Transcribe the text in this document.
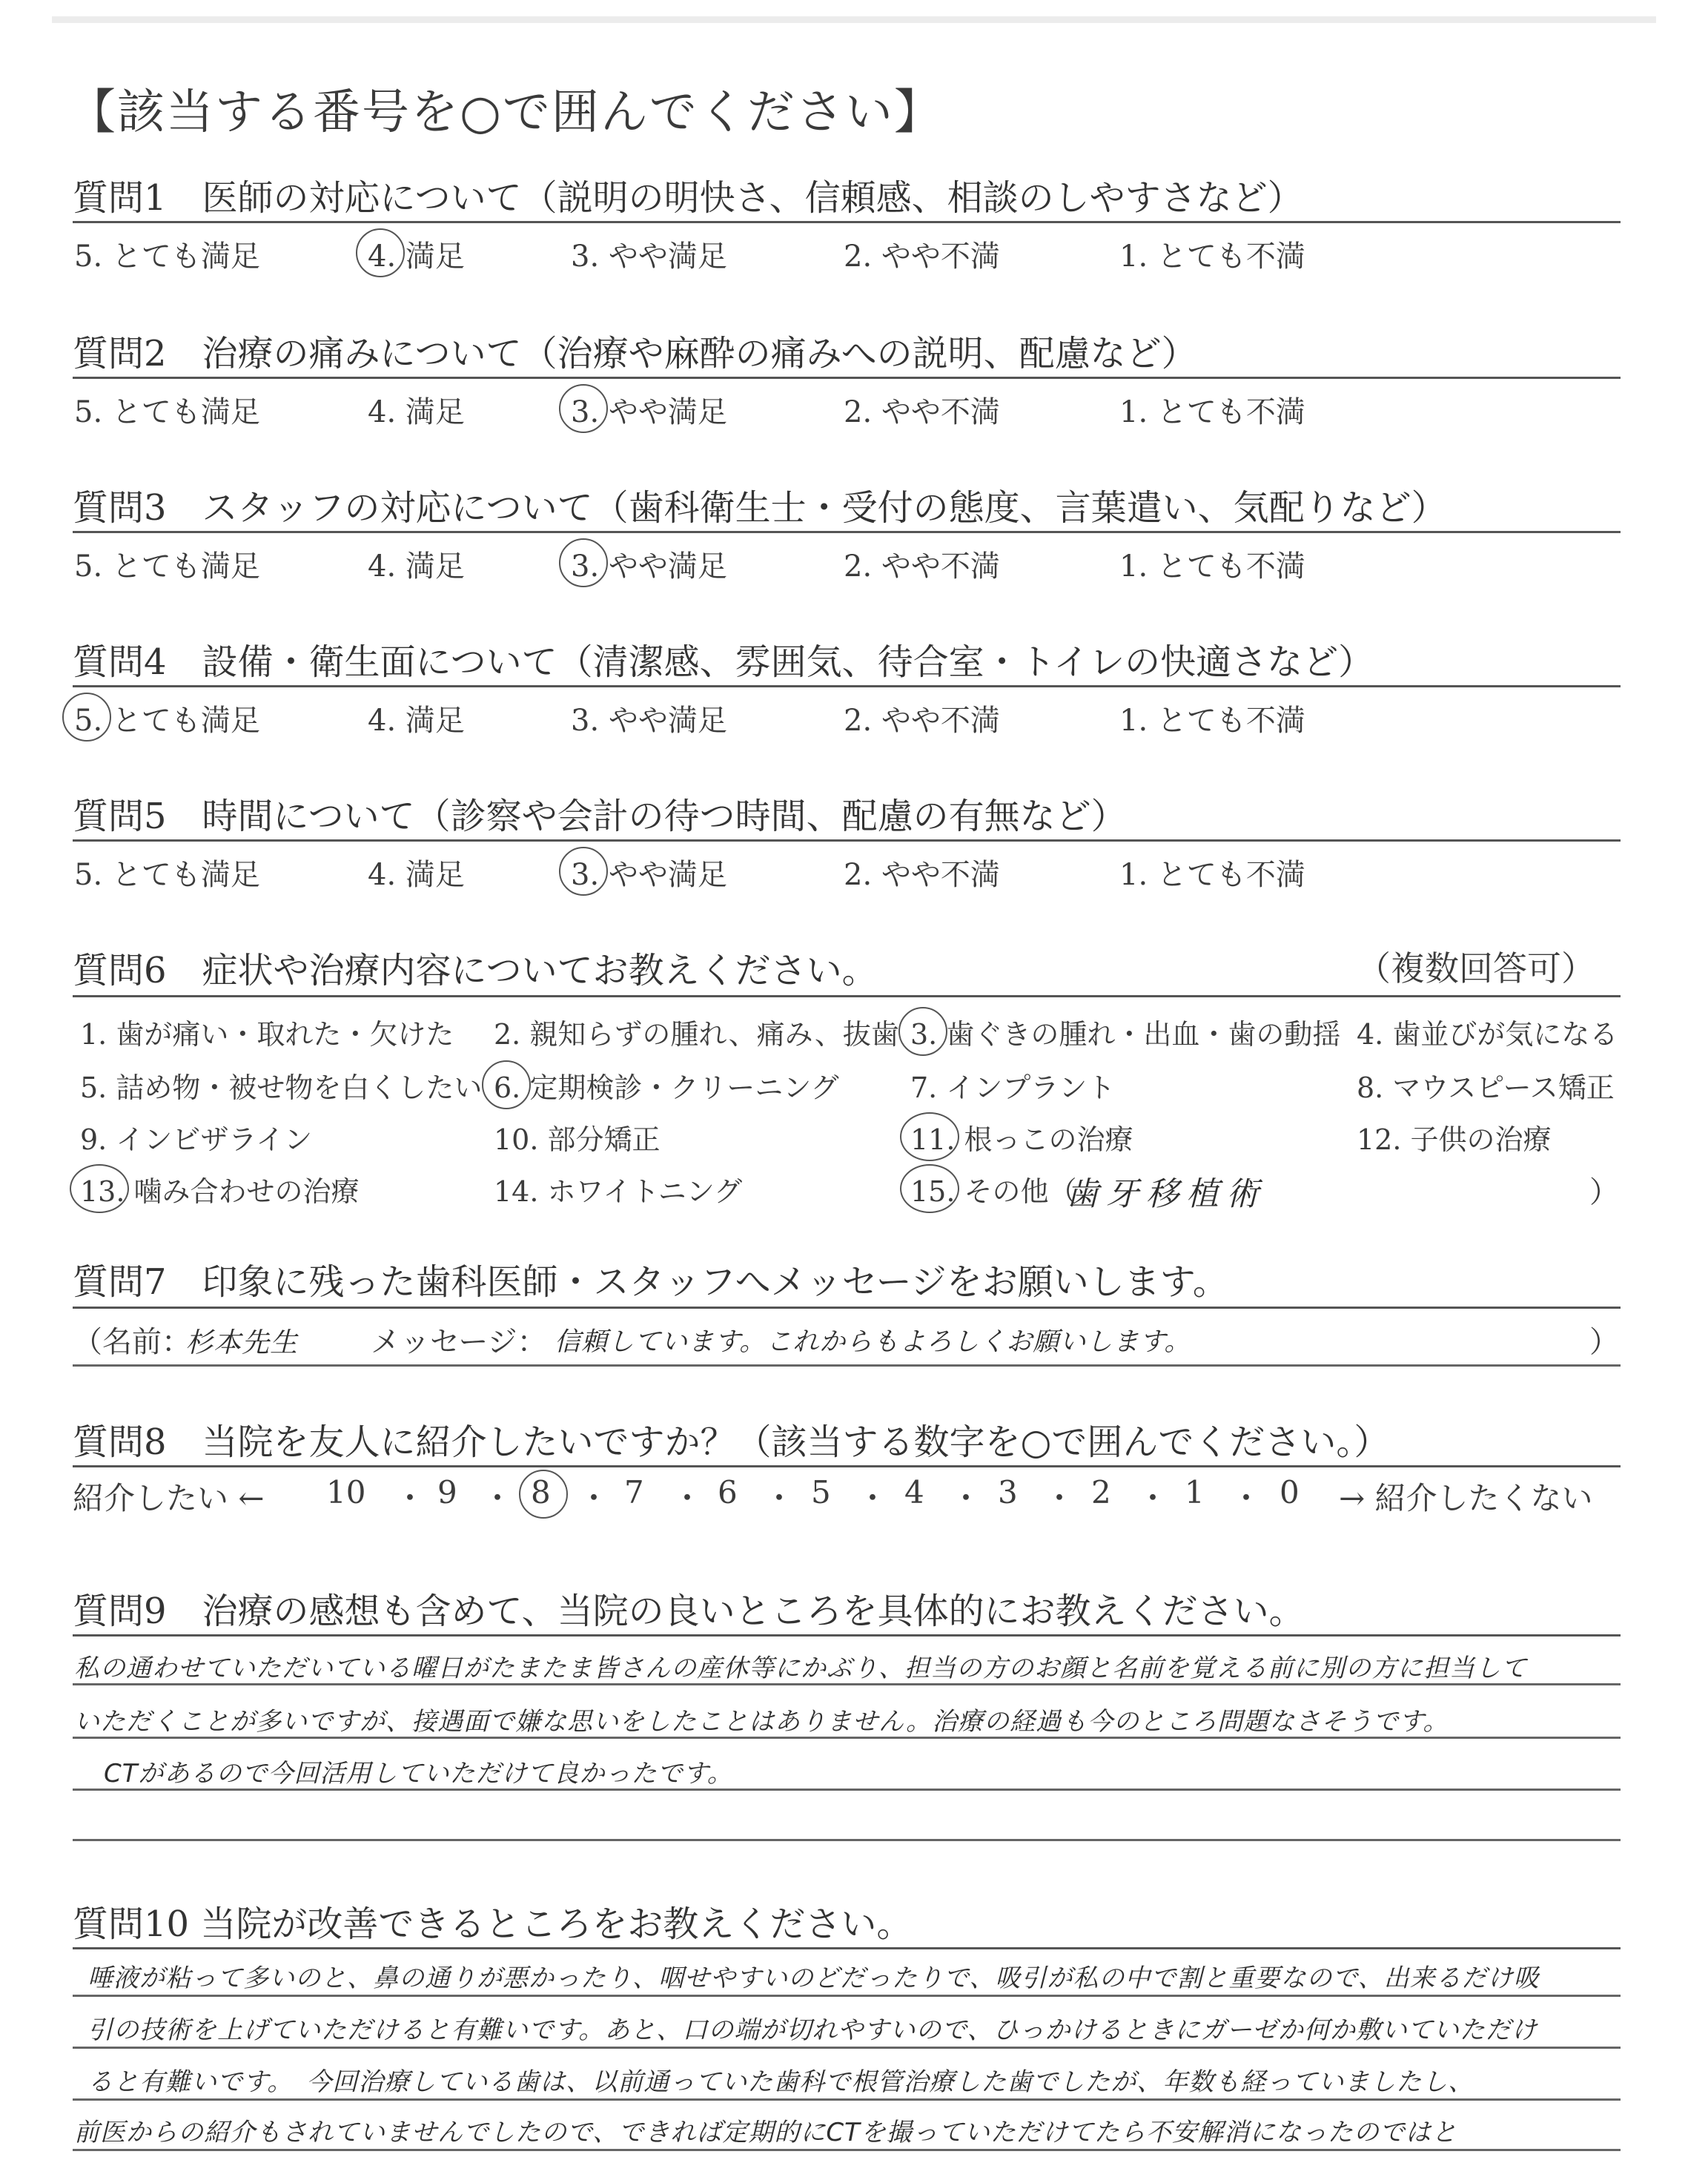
【該当する番号を○で囲んでください】
質問1　医師の対応について（説明の明快さ、信頼感、相談のしやすさなど）
5. とても満足	4. 満足	3. やや満足	2. やや不満	1. とても不満
質問2　治療の痛みについて（治療や麻酔の痛みへの説明、配慮など）
5. とても満足	4. 満足	3. やや満足	2. やや不満	1. とても不満
質問3　スタッフの対応について（歯科衛生士・受付の態度、言葉遣い、気配りなど）
5. とても満足	4. 満足	3. やや満足	2. やや不満	1. とても不満
質問4　設備・衛生面について（清潔感、雰囲気、待合室・トイレの快適さなど）
5. とても満足	4. 満足	3. やや満足	2. やや不満	1. とても不満
質問5　時間について（診察や会計の待つ時間、配慮の有無など）
5. とても満足	4. 満足	3. やや満足	2. やや不満	1. とても不満
質問6　症状や治療内容についてお教えください。	（複数回答可）
1. 歯が痛い・取れた・欠けた 2. 親知らずの腫れ、痛み、抜歯 3. 歯ぐきの腫れ・出血・歯の動揺 4. 歯並びが気になる
5. 詰め物・被せ物を白くしたい 6. 定期検診・クリーニング	7. インプラント	8. マウスピース矯正
9. インビザライン	10. 部分矯正	11. 根っこの治療	12. 子供の治療
13. 噛み合わせの治療	14. ホワイトニング	15. その他（
歯牙移植術	）
質問7　印象に残った歯科医師・スタッフへメッセージをお願いします。
（名前：
杉本先生 メッセージ： 信頼しています。これからもよろしくお願いします。	）
質問8　当院を友人に紹介したいですか？（該当する数字を○で囲んでください。）
紹介したい ← 10 ・ 9 ・ 8 ・ 7 ・ 6 ・ 5 ・ 4 ・ 3 ・ 2 ・ 1 ・ 0 → 紹介したくない
質問9　治療の感想も含めて、当院の良いところを具体的にお教えください。
私の通わせていただいている曜日がたまたま皆さんの産休等にかぶり、担当の方のお顔と名前を覚える前に別の方に担当して
いただくことが多いですが、接遇面で嫌な思いをしたことはありません。治療の経過も今のところ問題なさそうです。
CTがあるので今回活用していただけて良かったです。
質問10 当院が改善できるところをお教えください。
唾液が粘って多いのと、鼻の通りが悪かったり、咽せやすいのどだったりで、吸引が私の中で割と重要なので、出来るだけ吸
引の技術を上げていただけると有難いです。あと、口の端が切れやすいので、ひっかけるときにガーゼか何か敷いていただけ
ると有難いです。　今回治療している歯は、以前通っていた歯科で根管治療した歯でしたが、年数も経っていましたし、
前医からの紹介もされていませんでしたので、できれば定期的にCTを撮っていただけてたら不安解消になったのではと
